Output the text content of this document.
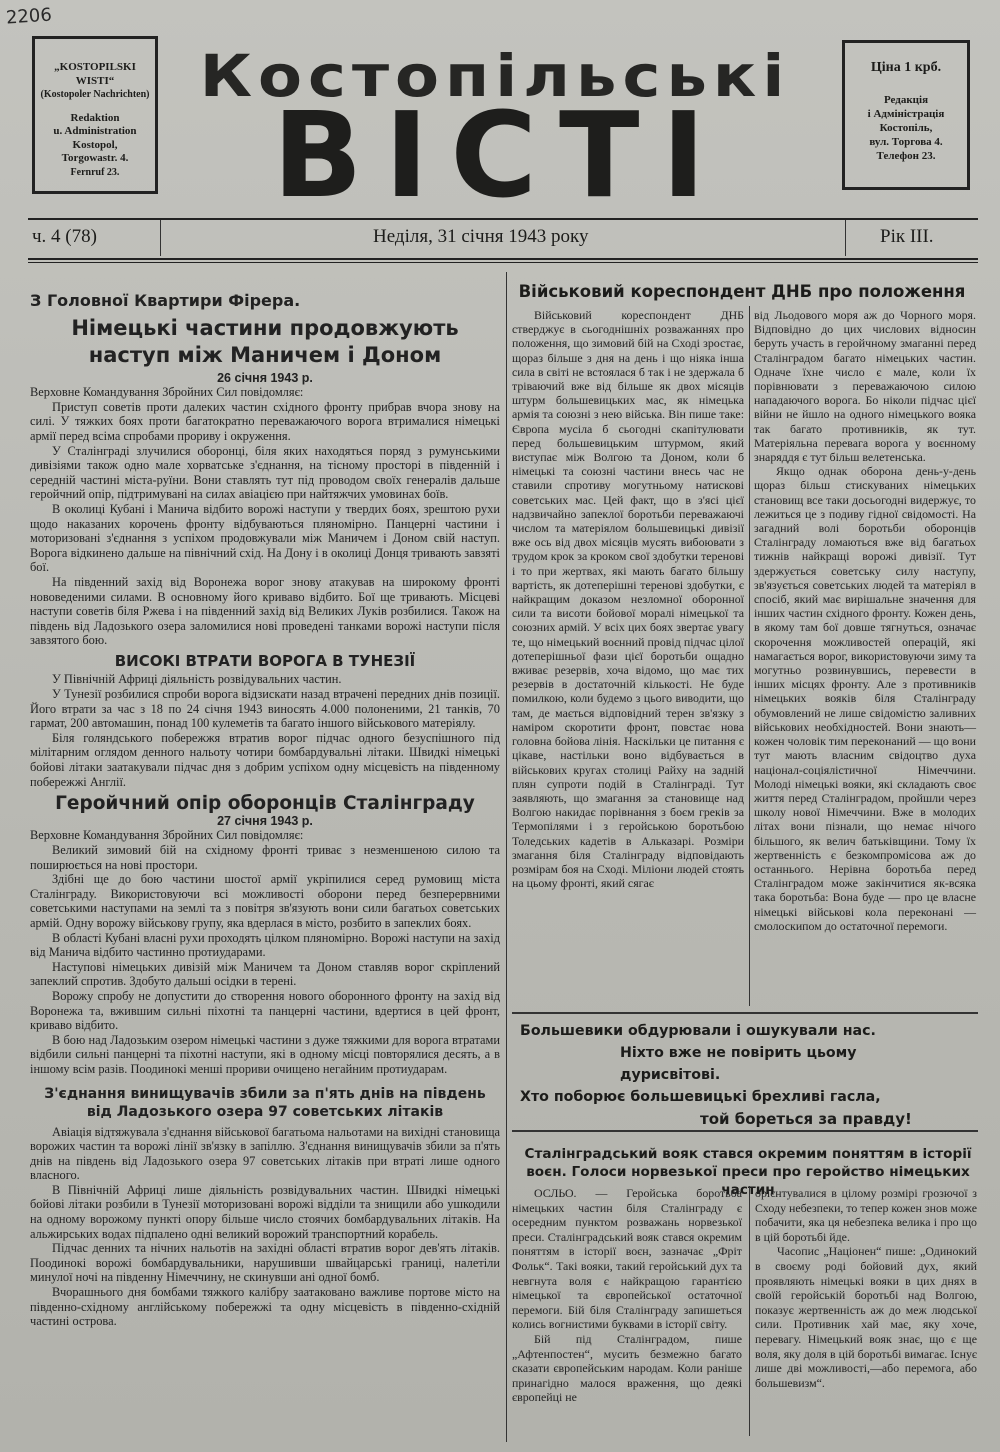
2206
„KOSTOPILSKI
WISTI“
(Kostopoler Nachrichten)
Redaktion
u. Administration
Kostopol,
Torgowastr. 4.
Fernruf 23.
Костопільські
ВІСТІ
Ціна 1 крб.
Редакція
і Адміністрація
Костопіль,
вул. Торгова 4.
Телефон 23.
ч. 4 (78)	Неділя, 31 січня 1943 року	Рік III.
З Головної Квартири Фірера.
Німецькі частини продовжують наступ між Маничем і Доном
26 січня 1943 р.

Верховне Командування Збройних Сил повідомляє:

Приступ советів проти далеких частин східного фронту прибрав вчора знову на силі. У тяжких боях проти багатократно переважаючого ворога втрималися німецькі армії перед всіма спробами прориву і окруження.

У Сталінграді злучилися оборонці, біля яких находяться поряд з румунськими дивізіями також одно мале хорватське з'єднання, на тісному просторі в південній і середній частині міста-руїни. Вони ставлять тут під проводом своїх генералів дальше геройчний опір, підтримувані на силах авіацією при найтяжчих умовинах боїв.

В околиці Кубані і Манича відбито ворожі наступи у твердих боях, зрештою рухи щодо наказаних корочень фронту відбуваються пляномірно. Панцерні частини і моторизовані з'єднання з успіхом продовжували між Маничем і Доном свій наступ. Ворога відкинено дальше на північний схід. На Дону і в околиці Донця тривають завзяті бої.

На південний захід від Воронежа ворог знову атакував на широкому фронті нововеденими силами. В основному його кривавo відбито. Бої ще тривають. Місцеві наступи советів біля Ржева і на південний захід від Великих Луків розбилися. Також на південь від Ладозького озера заломилися нові проведені танками ворожі наступи після завзятого бою.

ВИСОКІ ВТРАТИ ВОРОГА В ТУНЕЗІЇ

У Північній Африці діяльність розвідувальних частин.

У Тунезії розбилися спроби ворога відзискати назад втрачені передних днів позиції. Його втрати за час з 18 по 24 січня 1943 виносять 4.000 полоненими, 21 танків, 70 гармат, 200 автомашин, понад 100 кулеметів та багато іншого військового матеріялу.

Біля голяндського побережжя втратив ворог підчас одного безуспішного під мілітарним оглядом денного нальоту чотири бомбардувальні літаки. Швидкі німецькі бойові літаки заатакували підчас дня з добрим успіхом одну місцевість на південному побережжі Англії.

Геройчний опір оборонців Сталінграду
27 січня 1943 р.

Верховне Командування Збройних Сил повідомляє:

Великий зимовий бій на східному фронті триває з незменшеною силою та поширюється на нові простори.

Здібні ще до бою частини шостої армії укріпилися серед румовищ міста Сталінграду. Використовуючи всі можливості оборони перед безперервними советськими наступами на землі та з повітря зв'язують вони сили багатьох советських армій. Одну ворожу військову групу, яка вдерлася в місто, розбито в запеклих боях.

В області Кубані власні рухи проходять цілком пляномірно. Ворожі наступи на захід від Манича відбито частинно протиударами.

Наступові німецьких дивізій між Маничем та Доном ставляв ворог скріплений запеклий спротив. Здобуто дальші осідки в терені.

Ворожу спробу не допустити до створення нового оборонного фронту на захід від Воронежа та, вжившим сильні піхотні та панцерні частини, вдертися в цей фронт, криваво відбито.

В бою над Ладозьким озером німецькі частини з дуже тяжкими для ворога втратами відбили сильні панцерні та піхотні наступи, які в одному місці повторялися десять, а в іншому всім разів. Поодинокі менші прориви очищено негайним протиударам.

З'єднання винищувачів збили за п'ять днів на південь від Ладозького озера 97 советських літаків

Авіація відтяжувала з'єднання військової багатьома нальотами на вихідні становища ворожих частин та ворожі лінії зв'язку в запіллю. З'єднання винищувачів збили за п'ять днів на південь від Ладозького озера 97 советських літаків при втраті лише одного власного.

В Північній Африці лише діяльність розвідувальних частин. Швидкі німецькі бойові літаки розбили в Тунезії моторизовані ворожі відділи та знищили або ушкодили на одному ворожому пункті опору більше число стоячих бомбардувальних літаків. На альжирських водах підпалено одні великий ворожий транспортний корабель.

Підчас денних та нічних нальотів на західні області втратив ворог дев'ять літаків. Поодинокі ворожі бомбардувальники, нарушивши швайцарські границі, налетіли минулої ночі на південну Німеччину, не скинувши ані одної бомб.

Вчорашнього дня бомбами тяжкого калібру заатаковано важливе портове місто на південно-східному англійському побережжі та одну місцевість в південно-східній частині острова.

Військовий кореспондент ДНБ про положення

Військовий кореспондент ДНБ стверджує в сьогоднішніх розважаннях про положення, що зимовий бій на Сході зростає, щораз більше з дня на день і що ніяка інша сила в світі не встоялася б так і не здержала б тріваючий вже від більше як двох місяців штурм большевицьких мас, як німецька армія та союзні з нею війська. Він пише таке: Європа мусіла б сьогодні скапітулювати перед большевицьким штурмом, який виступає між Волгою та Доном, коли б німецькі та союзні частини внесь час не ставили спротиву могутньому натискові советських мас. Цей факт, що в з'ясі цієї надзвичайно запеклої боротьби переважаючі числом та матеріялом большевицькі дивізії вже ось від двох місяців мусять вибоювати з трудом крок за кроком свої здобутки теренові і то при жертвах, які мають багато більшу вартість, як дотеперішні теренові здобутки, є найкращим доказом незломної оборонної сили та висоти бойової моралі німецької та союзних армій. У всіх цих боях звертає увагу те, що німецький воєнний провід підчас цілої дотеперішньої фази цієї боротьби ощадно вживає резервів, хоча відомо, що має тих резервів в достаточній кількості. Не буде помилкою, коли будемо з цього виводити, що там, де мається відповідний терен зв'язку з наміром скоротити фронт, повстає нова головна бойова лінія. Наскільки це питання є цікаве, настільки воно відбувається в військових кругах столиці Райху на задній плян супроти подій в Сталінграді. Тут заявляють, що змагання за становище над Волгою накидає порівнання з боєм греків за Термопілями і з геройською боротьбою Толедських кадетів в Альказарі. Розміри змагання біля Сталінграду відповідають розмірам боя на Сході. Міліони людей стоять на цьому фронті, який сягає

від Льодового моря аж до Чорного моря. Відповідно до цих числових відносин беруть участь в геройчному змаганні перед Сталінградом багато німецьких частин. Одначе їхне число є мале, коли їх порівнювати з переважаючою силою нападаючого ворога. Бо ніколи підчас цієї війни не йшло на одного німецького вояка так багато противників, як тут. Матеріяльна перевага ворога у воєнному знаряддя є тут більш велетенська.

Якщо однак оборона день-у-день щораз більш стискуваних німецьких становищ все таки досьогодні видержує, то лежиться це з подиву гідної свідомості. На загадний волі боротьби оборонців Сталінграду ломаються вже від багатьох тижнів найкращі ворожі дивізії. Тут здержується советську силу наступу, зв'язується советських людей та матеріял в спосіб, який має вирішальне значення для інших частин східного фронту. Кожен день, в якому там бої довше тягнуться, означає скорочення можливостей операцій, які намагається ворог, використовуючи зиму та могутньо розвинувшись, перевести в інших місцях фронту. Але з противників німецьких вояків біля Сталінграду обумовлений не лише свідомістю заливних військових необхідностей. Вони знають—кожен чоловік тим переконаний — що вони тут мають власним свідоцтво духа націонал-соціялістичної Німеччини. Молоді німецькі вояки, які складають своє життя перед Сталінградом, пройшли через школу нової Німеччини. Вже в молодих літах вони пізнали, що немає нічого більшого, як велич батьківщини. Тому їх жертвенність є безкомпромісова аж до останнього. Нерівна боротьба перед Сталінградом може закінчитися як-всяка така боротьба: Вона буде — про це власне німецькі військові кола переконані — смолоскипом до остаточної перемоги.

Большевики обдурювали і ошукували нас.
Ніхто вже не повірить цьому дурисвітові.
Хто поборює большевицькі брехливі гасла,
той бореться за правду!
Сталінградський вояк стався окремим поняттям в історії воєн. Голоси норвезької преси про геройство німецьких частин

ОСЛЬО. — Геройська боротьба німецьких частин біля Сталінграду є осередним пунктом розважань норвезької преси. Сталінградський вояк стався окремим поняттям в історії воєн, зазначає „Фріт Фольк“. Такі вояки, такий геройський дух та невгнута воля є найкращою гарантією німецької та європейської остаточної перемоги. Бій біля Сталінграду запишеться колись вогнистими буквами в історії світу.

Бій під Сталінградом, пише „Афтенпостен“, мусить безмежно багато сказати європейським народам. Коли раніше принагідно малося враження, що деякі європейці не

орієнтувалися в цілому розмірі грозючої з Сходу небезпеки, то тепер кожен знов може побачити, яка ця небезпека велика і про що в цій боротьбі йде.

Часопис „Націонен“ пише: „Одинокий в своєму роді бойовий дух, який проявляють німецькі вояки в цих днях в своїй геройській боротьбі над Волгою, показує жертвенність аж до меж людської сили. Противник хай має, яку хоче, перевагу. Німецький вояк знає, що є ще воля, яку доля в цій боротьбі вимагає. Існує лише дві можливості,—або перемога, або большевизм“.
